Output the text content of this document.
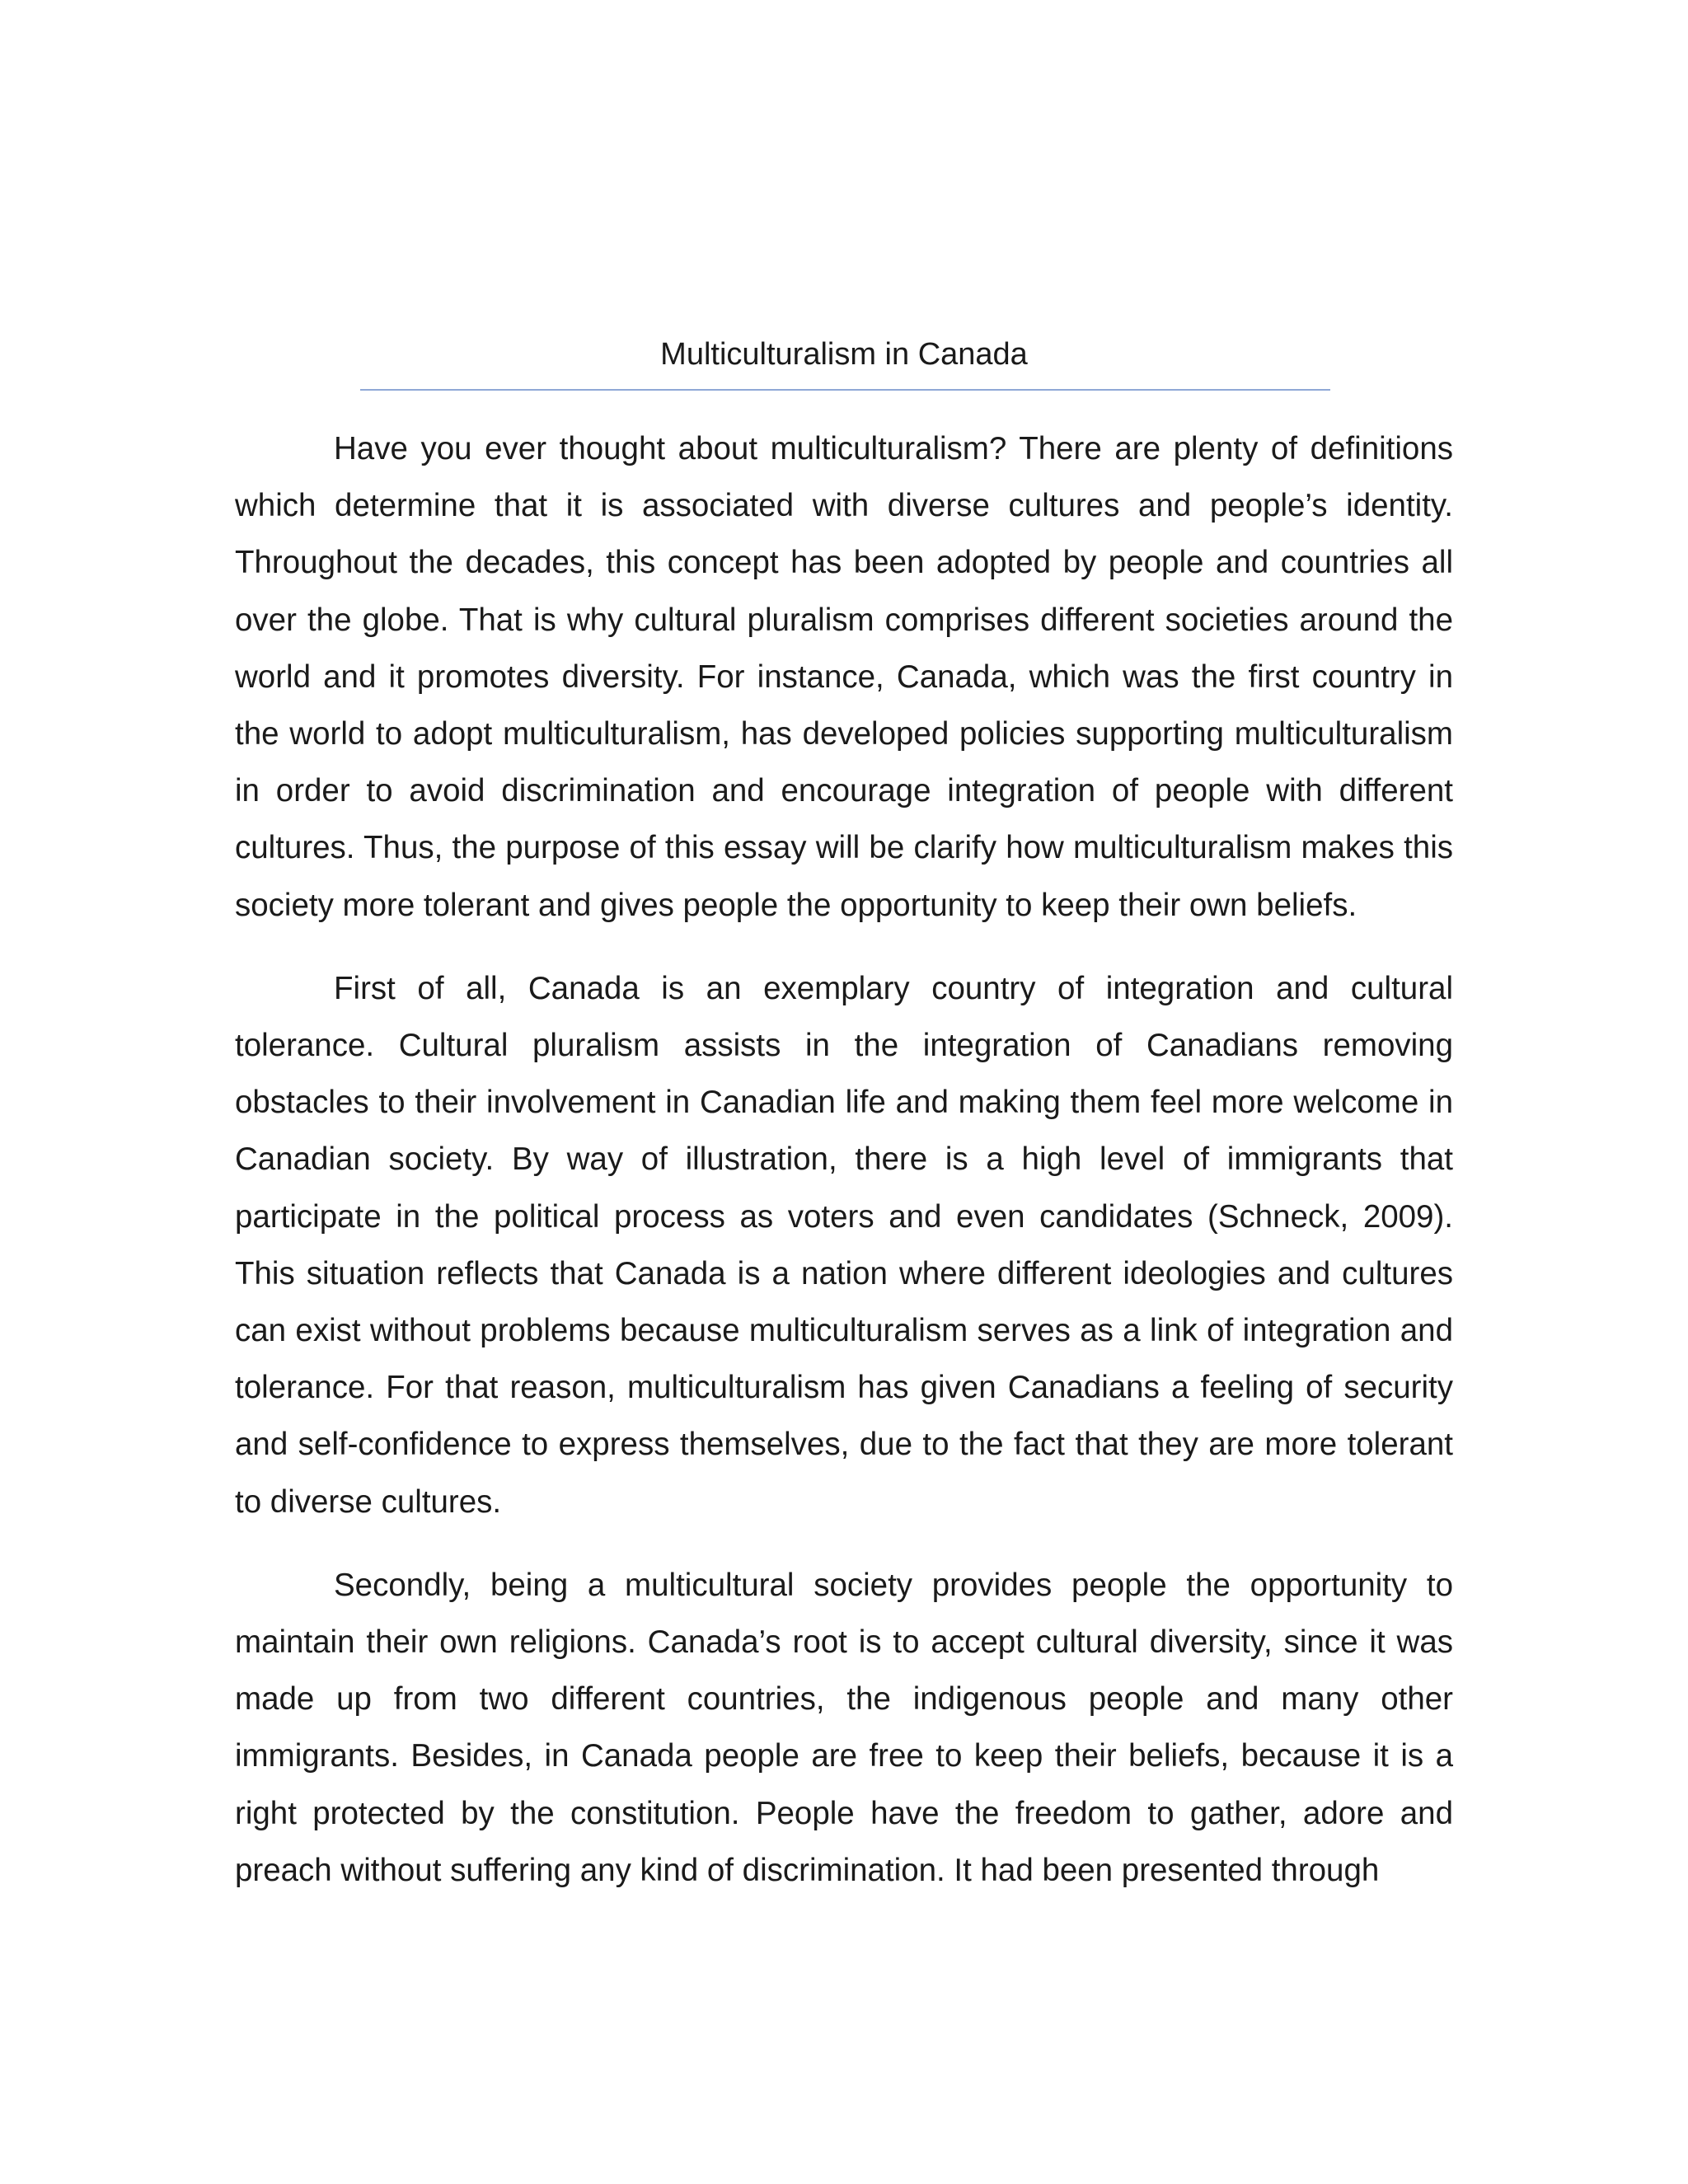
Multiculturalism in Canada

Have you ever thought about multiculturalism? There are plenty of definitions which determine that it is associated with diverse cultures and people’s identity. Throughout the decades, this concept has been adopted by people and countries all over the globe. That is why cultural pluralism comprises different societies around the world and it promotes diversity. For instance, Canada, which was the first country in the world to adopt multiculturalism, has developed policies supporting multiculturalism in order to avoid discrimination and encourage integration of people with different cultures. Thus, the purpose of this essay will be clarify how multiculturalism makes this society more tolerant and gives people the opportunity to keep their own beliefs.

First of all, Canada is an exemplary country of integration and cultural tolerance. Cultural pluralism assists in the integration of Canadians removing obstacles to their involvement in Canadian life and making them feel more welcome in Canadian society. By way of illustration, there is a high level of immigrants that participate in the political process as voters and even candidates (Schneck, 2009). This situation reflects that Canada is a nation where different ideologies and cultures can exist without problems because multiculturalism serves as a link of integration and tolerance. For that reason, multiculturalism has given Canadians a feeling of security and self-confidence to express themselves, due to the fact that they are more tolerant to diverse cultures.

Secondly, being a multicultural society provides people the opportunity to maintain their own religions. Canada’s root is to accept cultural diversity, since it was made up from two different countries, the indigenous people and many other immigrants. Besides, in Canada people are free to keep their beliefs, because it is a right protected by the constitution. People have the freedom to gather, adore and preach without suffering any kind of discrimination. It had been presented through
